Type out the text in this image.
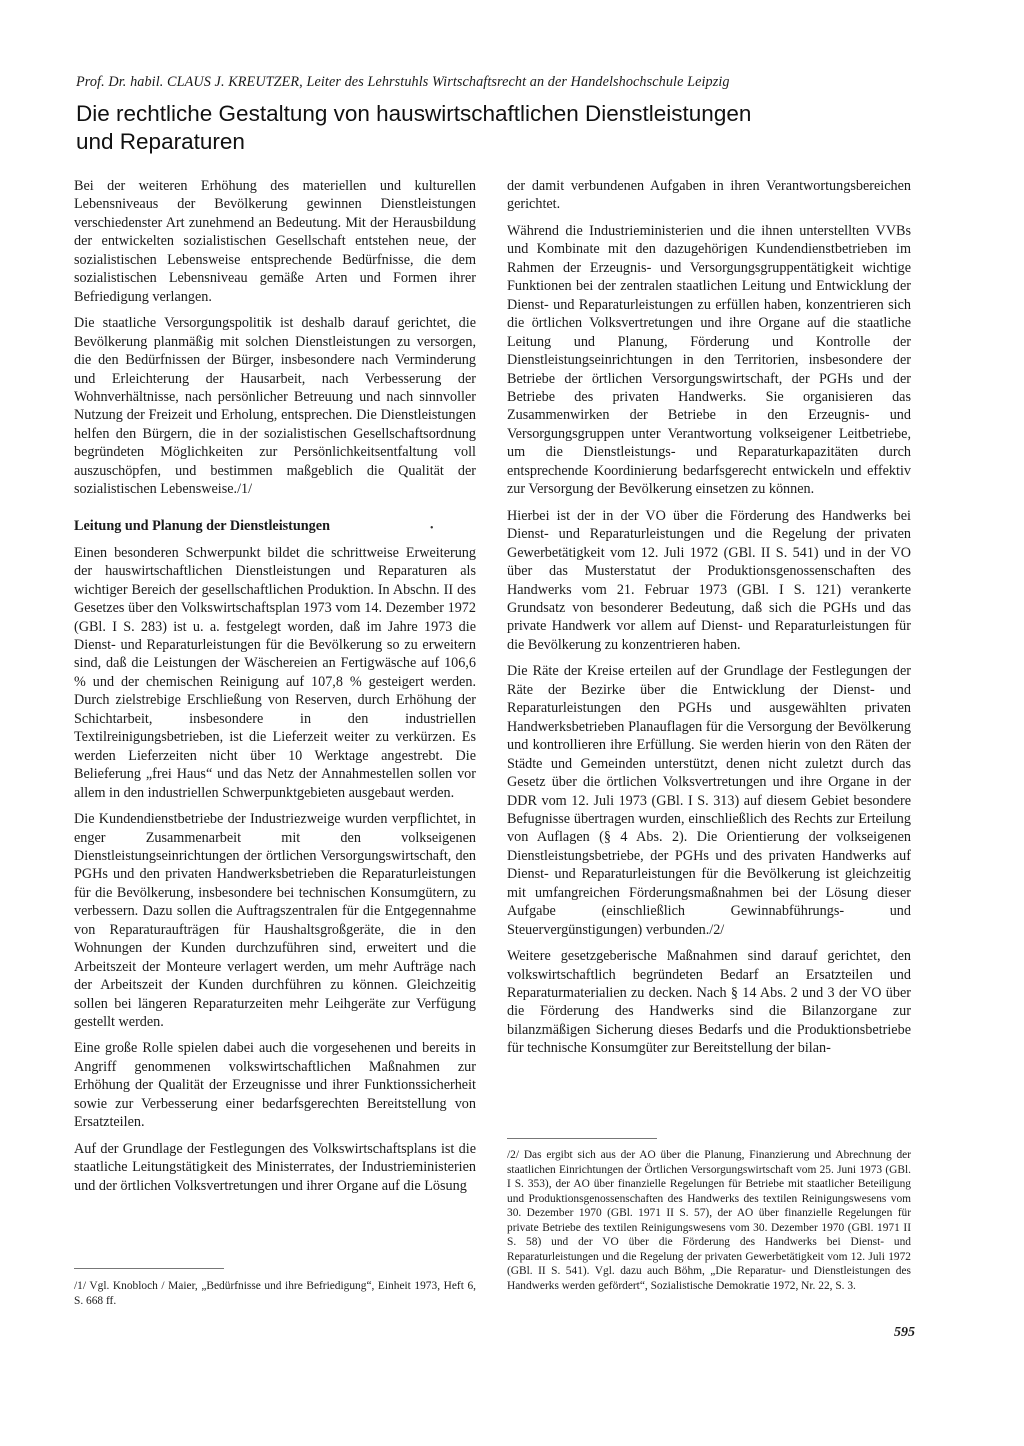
Prof. Dr. habil. CLAUS J. KREUTZER, Leiter des Lehrstuhls Wirtschaftsrecht an der Handelshochschule Leipzig
Die rechtliche Gestaltung von hauswirtschaftlichen Dienstleistungen
und Reparaturen

Bei der weiteren Erhöhung des materiellen und kulturellen Lebensniveaus der Bevölkerung gewinnen Dienstleistungen verschiedenster Art zunehmend an Bedeutung. Mit der Herausbildung der entwickelten sozialistischen Gesellschaft entstehen neue, der sozialistischen Lebensweise entsprechende Bedürfnisse, die dem sozialistischen Lebensniveau gemäße Arten und Formen ihrer Befriedigung verlangen.

Die staatliche Versorgungspolitik ist deshalb darauf gerichtet, die Bevölkerung planmäßig mit solchen Dienstleistungen zu versorgen, die den Bedürfnissen der Bürger, insbesondere nach Verminderung und Erleichterung der Hausarbeit, nach Verbesserung der Wohnverhältnisse, nach persönlicher Betreuung und nach sinnvoller Nutzung der Freizeit und Erholung, entsprechen. Die Dienstleistungen helfen den Bürgern, die in der sozialistischen Gesellschaftsordnung begründeten Möglichkeiten zur Persönlichkeitsentfaltung voll auszuschöpfen, und bestimmen maßgeblich die Qualität der sozialistischen Lebensweise./1/

Leitung und Planung der Dienstleistungen

Einen besonderen Schwerpunkt bildet die schrittweise Erweiterung der hauswirtschaftlichen Dienstleistungen und Reparaturen als wichtiger Bereich der gesellschaftlichen Produktion. In Abschn. II des Gesetzes über den Volkswirtschaftsplan 1973 vom 14. Dezember 1972 (GBl. I S. 283) ist u. a. festgelegt worden, daß im Jahre 1973 die Dienst- und Reparaturleistungen für die Bevölkerung so zu erweitern sind, daß die Leistungen der Wäschereien an Fertigwäsche auf 106,6 % und der chemischen Reinigung auf 107,8 % gesteigert werden. Durch zielstrebige Erschließung von Reserven, durch Erhöhung der Schichtarbeit, insbesondere in den industriellen Textilreinigungsbetrieben, ist die Lieferzeit weiter zu verkürzen. Es werden Lieferzeiten nicht über 10 Werktage angestrebt. Die Belieferung „frei Haus“ und das Netz der Annahmestellen sollen vor allem in den industriellen Schwerpunktgebieten ausgebaut werden.

Die Kundendienstbetriebe der Industriezweige wurden verpflichtet, in enger Zusammenarbeit mit den volkseigenen Dienstleistungseinrichtungen der örtlichen Versorgungswirtschaft, den PGHs und den privaten Handwerksbetrieben die Reparaturleistungen für die Bevölkerung, insbesondere bei technischen Konsumgütern, zu verbessern. Dazu sollen die Auftragszentralen für die Entgegennahme von Reparaturaufträgen für Haushaltsgroßgeräte, die in den Wohnungen der Kunden durchzuführen sind, erweitert und die Arbeitszeit der Monteure verlagert werden, um mehr Aufträge nach der Arbeitszeit der Kunden durchführen zu können. Gleichzeitig sollen bei längeren Reparaturzeiten mehr Leihgeräte zur Verfügung gestellt werden.

Eine große Rolle spielen dabei auch die vorgesehenen und bereits in Angriff genommenen volkswirtschaftlichen Maßnahmen zur Erhöhung der Qualität der Erzeugnisse und ihrer Funktionssicherheit sowie zur Verbesserung einer bedarfsgerechten Bereitstellung von Ersatzteilen.

Auf der Grundlage der Festlegungen des Volkswirtschaftsplans ist die staatliche Leitungstätigkeit des Ministerrates, der Industrieministerien und der örtlichen Volksvertretungen und ihrer Organe auf die Lösung

•

der damit verbundenen Aufgaben in ihren Verantwortungsbereichen gerichtet.

Während die Industrieministerien und die ihnen unterstellten VVBs und Kombinate mit den dazugehörigen Kundendienstbetrieben im Rahmen der Erzeugnis- und Versorgungsgruppentätigkeit wichtige Funktionen bei der zentralen staatlichen Leitung und Entwicklung der Dienst- und Reparaturleistungen zu erfüllen haben, konzentrieren sich die örtlichen Volksvertretungen und ihre Organe auf die staatliche Leitung und Planung, Förderung und Kontrolle der Dienstleistungseinrichtungen in den Territorien, insbesondere der Betriebe der örtlichen Versorgungswirtschaft, der PGHs und der Betriebe des privaten Handwerks. Sie organisieren das Zusammenwirken der Betriebe in den Erzeugnis- und Versorgungsgruppen unter Verantwortung volkseigener Leitbetriebe, um die Dienstleistungs- und Reparaturkapazitäten durch entsprechende Koordinierung bedarfsgerecht entwickeln und effektiv zur Versorgung der Bevölkerung einsetzen zu können.

Hierbei ist der in der VO über die Förderung des Handwerks bei Dienst- und Reparaturleistungen und die Regelung der privaten Gewerbetätigkeit vom 12. Juli 1972 (GBl. II S. 541) und in der VO über das Musterstatut der Produktionsgenossenschaften des Handwerks vom 21. Februar 1973 (GBl. I S. 121) verankerte Grundsatz von besonderer Bedeutung, daß sich die PGHs und das private Handwerk vor allem auf Dienst- und Reparaturleistungen für die Bevölkerung zu konzentrieren haben.

Die Räte der Kreise erteilen auf der Grundlage der Festlegungen der Räte der Bezirke über die Entwicklung der Dienst- und Reparaturleistungen den PGHs und ausgewählten privaten Handwerksbetrieben Planauflagen für die Versorgung der Bevölkerung und kontrollieren ihre Erfüllung. Sie werden hierin von den Räten der Städte und Gemeinden unterstützt, denen nicht zuletzt durch das Gesetz über die örtlichen Volksvertretungen und ihre Organe in der DDR vom 12. Juli 1973 (GBl. I S. 313) auf diesem Gebiet besondere Befugnisse übertragen wurden, einschließlich des Rechts zur Erteilung von Auflagen (§ 4 Abs. 2). Die Orientierung der volkseigenen Dienstleistungsbetriebe, der PGHs und des privaten Handwerks auf Dienst- und Reparaturleistungen für die Bevölkerung ist gleichzeitig mit umfangreichen Förderungsmaßnahmen bei der Lösung dieser Aufgabe (einschließlich Gewinnabführungs- und Steuervergünstigungen) verbunden./2/

Weitere gesetzgeberische Maßnahmen sind darauf gerichtet, den volkswirtschaftlich begründeten Bedarf an Ersatzteilen und Reparaturmaterialien zu decken. Nach § 14 Abs. 2 und 3 der VO über die Förderung des Handwerks sind die Bilanzorgane zur bilanzmäßigen Sicherung dieses Bedarfs und die Produktionsbetriebe für technische Konsumgüter zur Bereitstellung der bilan-

/1/ Vgl. Knobloch / Maier, „Bedürfnisse und ihre Befriedigung“, Einheit 1973, Heft 6, S. 668 ff.
/2/ Das ergibt sich aus der AO über die Planung, Finanzierung und Abrechnung der staatlichen Einrichtungen der Örtlichen Versorgungswirtschaft vom 25. Juni 1973 (GBl. I S. 353), der AO über finanzielle Regelungen für Betriebe mit staatlicher Beteiligung und Produktionsgenossenschaften des Handwerks des textilen Reinigungswesens vom 30. Dezember 1970 (GBl. 1971 II S. 57), der AO über finanzielle Regelungen für private Betriebe des textilen Reinigungswesens vom 30. Dezember 1970 (GBl. 1971 II S. 58) und der VO über die Förderung des Handwerks bei Dienst- und Reparaturleistungen und die Regelung der privaten Gewerbetätigkeit vom 12. Juli 1972 (GBl. II S. 541). Vgl. dazu auch Böhm, „Die Reparatur- und Dienstleistungen des Handwerks werden gefördert“, Sozialistische Demokratie 1972, Nr. 22, S. 3.
595
